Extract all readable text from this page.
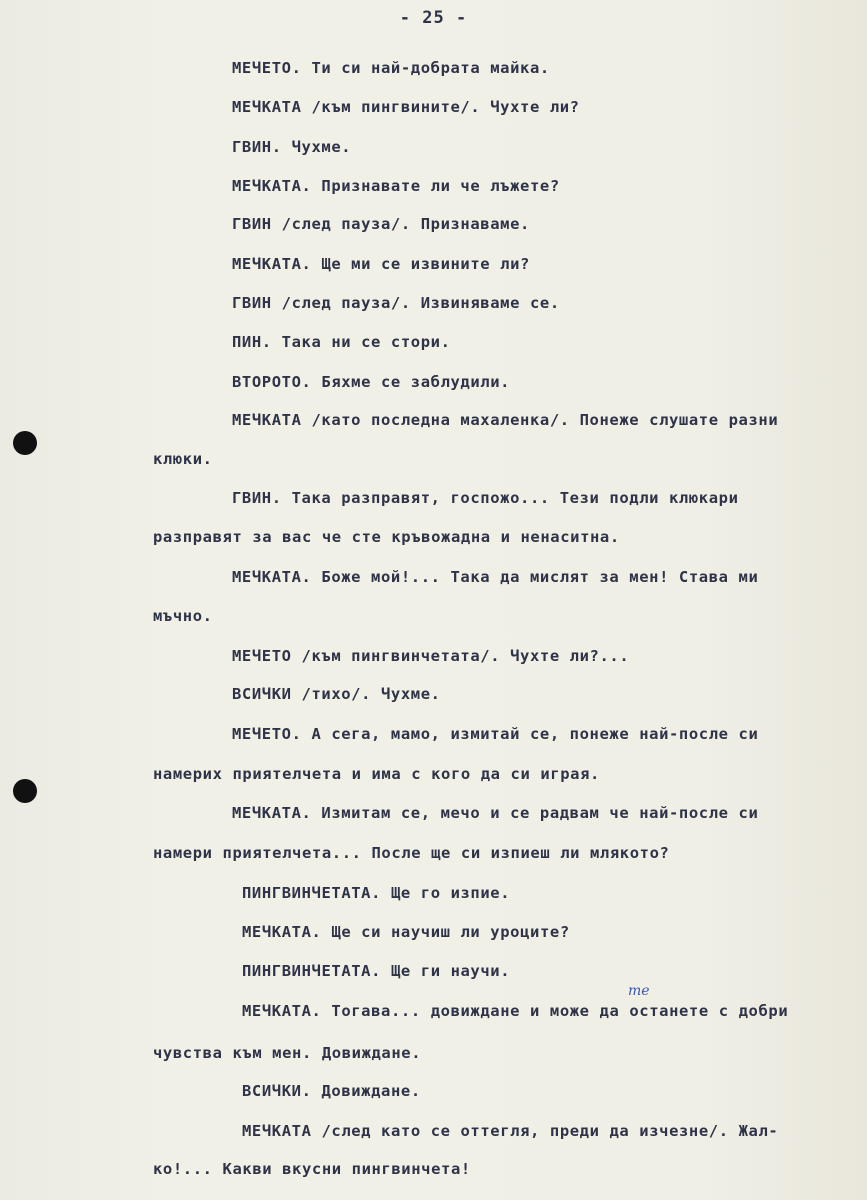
- 25 -
МЕЧЕТО. Ти си най-добрата майка.
МЕЧКАТА /към пингвините/. Чухте ли?
ГВИН. Чухме.
МЕЧКАТА. Признавате ли че лъжете?
ГВИН /след пауза/. Признаваме.
МЕЧКАТА. Ще ми се извините ли?
ГВИН /след пауза/. Извиняваме се.
ПИН. Така ни се стори.
ВТОРОТО. Бяхме се заблудили.
МЕЧКАТА /като последна махаленка/. Понеже слушате разни
клюки.
ГВИН. Така разправят, госпожо... Тези подли клюкари
разправят за вас че сте кръвожадна и ненаситна.
МЕЧКАТА. Боже мой!... Така да мислят за мен! Става ми
мъчно.
МЕЧЕТО /към пингвинчетата/. Чухте ли?...
ВСИЧКИ /тихо/. Чухме.
МЕЧЕТО. А сега, мамо, измитай се, понеже най-после си
намерих приятелчета и има с кого да си играя.
МЕЧКАТА. Измитам се, мечо и се радвам че най-после си
намери приятелчета... После ще си изпиеш ли млякото?
ПИНГВИНЧЕТАТА. Ще го изпие.
МЕЧКАТА. Ще си научиш ли уроците?
ПИНГВИНЧЕТАТА. Ще ги научи.
МЕЧКАТА. Тогава... довиждане и може да останете с добри
чувства към мен. Довиждане.
ВСИЧКИ. Довиждане.
МЕЧКАТА /след като се оттегля, преди да изчезне/. Жал-
ко!... Какви вкусни пингвинчета!
те
